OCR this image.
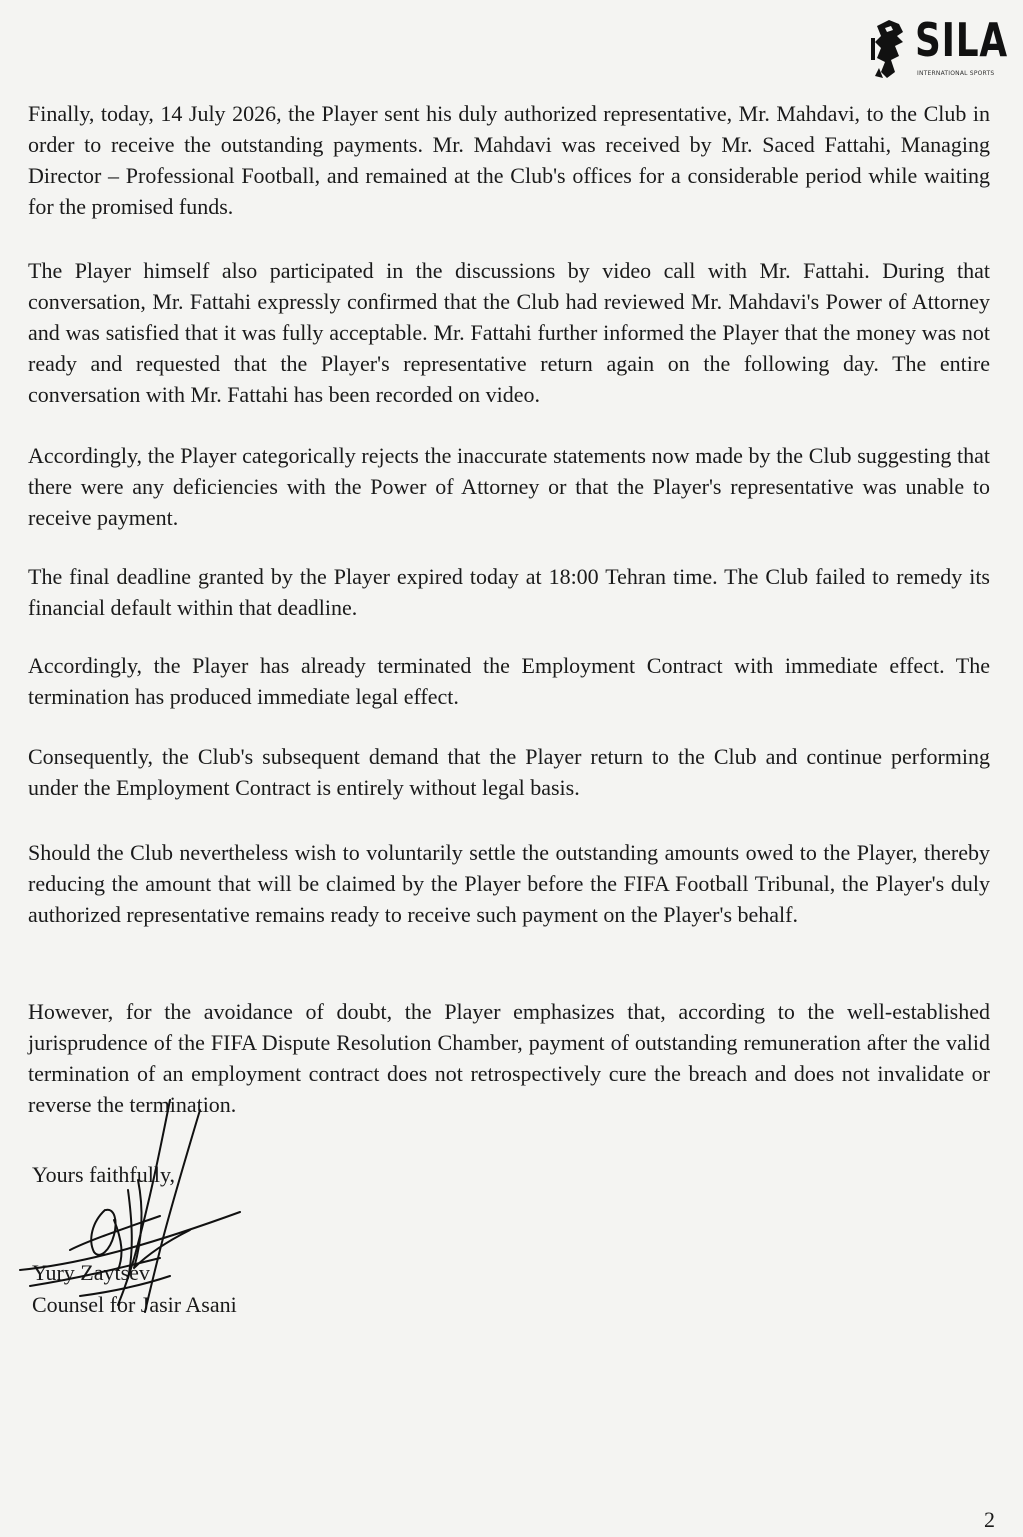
SILA
INTERNATIONAL SPORTS

Finally, today, 14 July 2026, the Player sent his duly authorized representative, Mr. Mahdavi, to the Club in order to receive the outstanding payments. Mr. Mahdavi was received by Mr. Saced Fattahi, Managing Director – Professional Football, and remained at the Club's offices for a considerable period while waiting for the promised funds.

The Player himself also participated in the discussions by video call with Mr. Fattahi. During that conversation, Mr. Fattahi expressly confirmed that the Club had reviewed Mr. Mahdavi's Power of Attorney and was satisfied that it was fully acceptable. Mr. Fattahi further informed the Player that the money was not ready and requested that the Player's representative return again on the following day. The entire conversation with Mr. Fattahi has been recorded on video.

Accordingly, the Player categorically rejects the inaccurate statements now made by the Club suggesting that there were any deficiencies with the Power of Attorney or that the Player's representative was unable to receive payment.

The final deadline granted by the Player expired today at 18:00 Tehran time. The Club failed to remedy its financial default within that deadline.

Accordingly, the Player has already terminated the Employment Contract with immediate effect. The termination has produced immediate legal effect.

Consequently, the Club's subsequent demand that the Player return to the Club and continue performing under the Employment Contract is entirely without legal basis.

Should the Club nevertheless wish to voluntarily settle the outstanding amounts owed to the Player, thereby reducing the amount that will be claimed by the Player before the FIFA Football Tribunal, the Player's duly authorized representative remains ready to receive such payment on the Player's behalf.

However, for the avoidance of doubt, the Player emphasizes that, according to the well-established jurisprudence of the FIFA Dispute Resolution Chamber, payment of outstanding remuneration after the valid termination of an employment contract does not retrospectively cure the breach and does not invalidate or reverse the termination.

Yours faithfully,

Yury Zaytsev

Counsel for Jasir Asani

2
